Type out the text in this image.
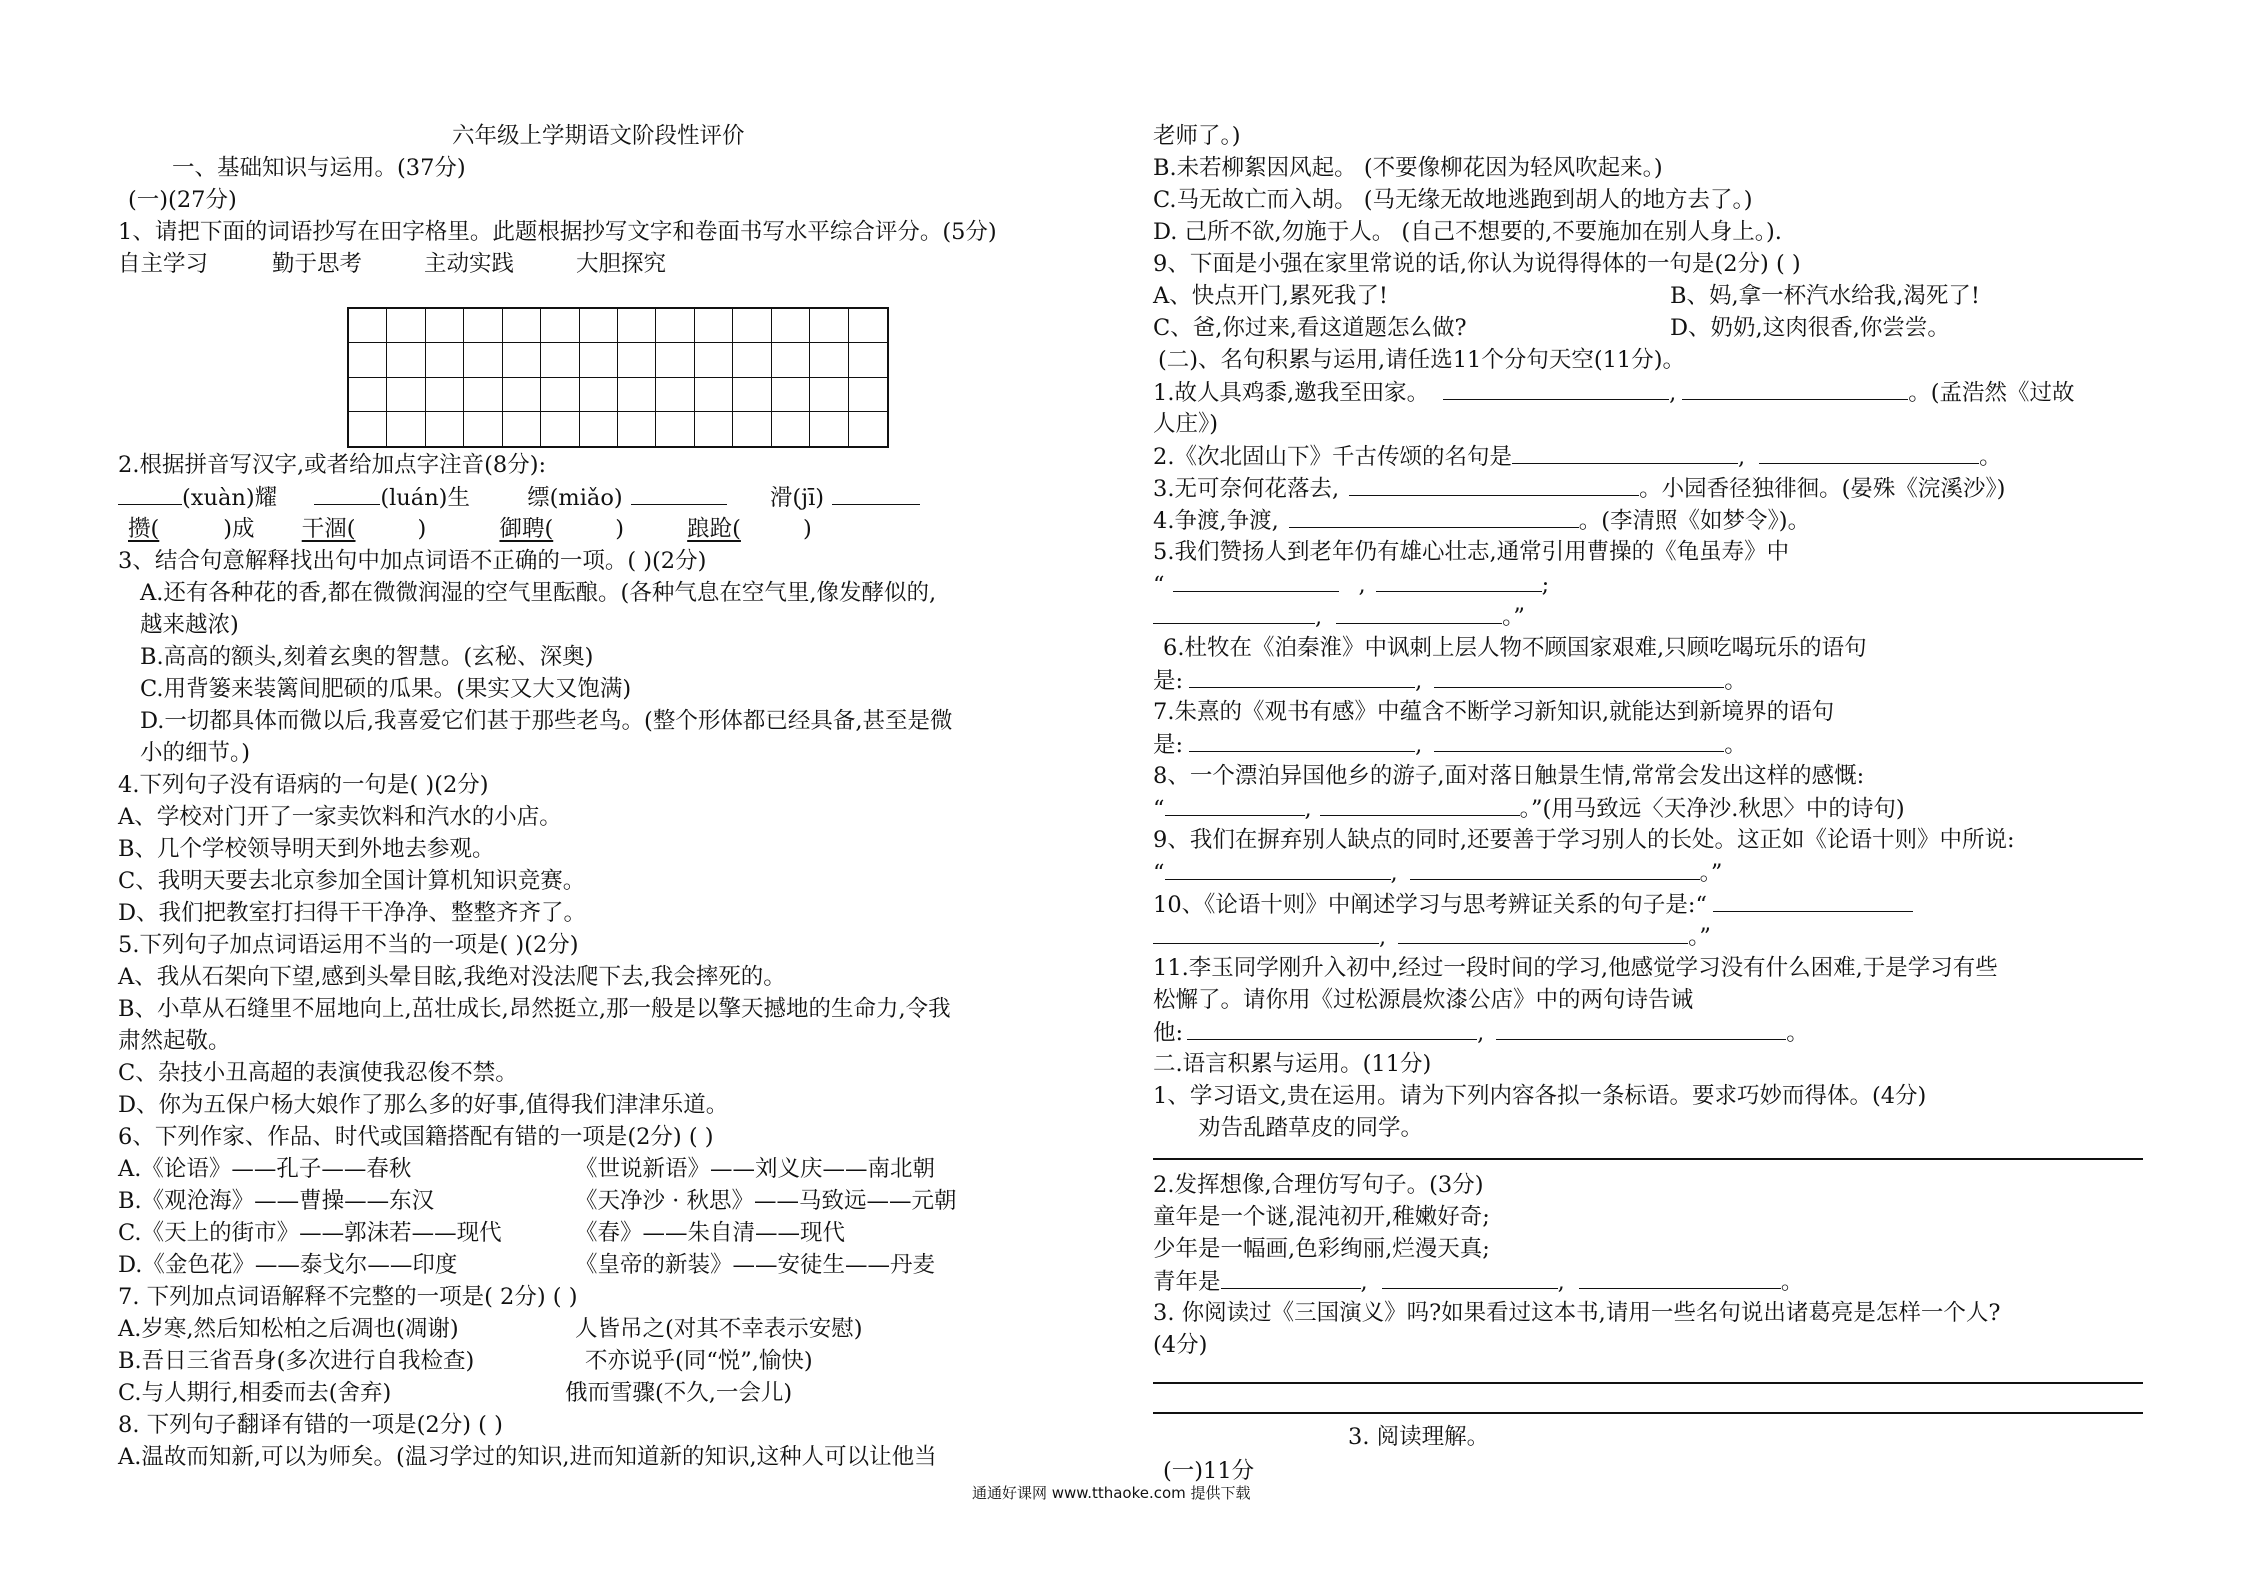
六年级上学期语文阶段性评价
一、基础知识与运用。(37分)
(一)(27分)
1、请把下面的词语抄写在田字格里。此题根据抄写文字和卷面书写水平综合评分。(5分)
自主学习	勤于思考	主动实践	大胆探究
2.根据拼音写汉字,或者给加点字注音(8分):
(xuàn)耀	(luán)生	缥(miǎo)	滑(jī)
攒(	)成 干涸(	)	御聘(	)	踉跄(	)
3、结合句意解释找出句中加点词语不正确的一项。( )(2分)
A.还有各种花的香,都在微微润湿的空气里酝酿。(各种气息在空气里,像发酵似的,
越来越浓)
B.高高的额头,刻着玄奥的智慧。(玄秘、深奥)
C.用背篓来装篱间肥硕的瓜果。(果实又大又饱满)
D.一切都具体而微以后,我喜爱它们甚于那些老鸟。(整个形体都已经具备,甚至是微
小的细节。)
4.下列句子没有语病的一句是( )(2分)
A、学校对门开了一家卖饮料和汽水的小店。
B、几个学校领导明天到外地去参观。
C、我明天要去北京参加全国计算机知识竞赛。
D、我们把教室打扫得干干净净、整整齐齐了。
5.下列句子加点词语运用不当的一项是( )(2分)
A、我从石架向下望,感到头晕目眩,我绝对没法爬下去,我会摔死的。
B、小草从石缝里不屈地向上,茁壮成长,昂然挺立,那一般是以擎天撼地的生命力,令我
肃然起敬。
C、杂技小丑高超的表演使我忍俊不禁。
D、你为五保户杨大娘作了那么多的好事,值得我们津津乐道。
6、下列作家、作品、时代或国籍搭配有错的一项是(2分) ( )
A.《论语》——孔子——春秋	《世说新语》——刘义庆——南北朝
B.《观沧海》——曹操——东汉	《天净沙 · 秋思》——马致远——元朝
C.《天上的街市》——郭沫若——现代	《春》——朱自清——现代
D.《金色花》——泰戈尔——印度	《皇帝的新装》——安徒生——丹麦
7. 下列加点词语解释不完整的一项是( 2分) ( )
A.岁寒,然后知松柏之后凋也(凋谢)	人皆吊之(对其不幸表示安慰)
B.吾日三省吾身(多次进行自我检查)	不亦说乎(同“悦”,愉快)
C.与人期行,相委而去(舍弃)	俄而雪骤(不久,一会儿)
8. 下列句子翻译有错的一项是(2分) ( )
A.温故而知新,可以为师矣。(温习学过的知识,进而知道新的知识,这种人可以让他当
老师了。)
B.未若柳絮因风起。 (不要像柳花因为轻风吹起来。)
C.马无故亡而入胡。 (马无缘无故地逃跑到胡人的地方去了。)
D. 己所不欲,勿施于人。 (自己不想要的,不要施加在别人身上。).
9、下面是小强在家里常说的话,你认为说得得体的一句是(2分) ( )
A、快点开门,累死我了!	B、妈,拿一杯汽水给我,渴死了!
C、爸,你过来,看这道题怎么做?	D、奶奶,这肉很香,你尝尝。
(二)、名句积累与运用,请任选11个分句天空(11分)。
1.故人具鸡黍,邀我至田家。	,	。(孟浩然《过故
人庄》)
2.《次北固山下》千古传颂的名句是	,	。
3.无可奈何花落去,	。小园香径独徘徊。(晏殊《浣溪沙》)
4.争渡,争渡,	。(李清照《如梦令》)。
5.我们赞扬人到老年仍有雄心壮志,通常引用曹操的《龟虽寿》中
“	,	;
,	。”
6.杜牧在《泊秦淮》中讽刺上层人物不顾国家艰难,只顾吃喝玩乐的语句
是:	,	。
7.朱熹的《观书有感》中蕴含不断学习新知识,就能达到新境界的语句
是:	,	。
8、一个漂泊异国他乡的游子,面对落日触景生情,常常会发出这样的感慨:
“	,	。”(用马致远〈天净沙.秋思〉中的诗句)
9、我们在摒弃别人缺点的同时,还要善于学习别人的长处。这正如《论语十则》中所说:
“	,	。”
10、《论语十则》中阐述学习与思考辨证关系的句子是:“
,	。”
11.李玉同学刚升入初中,经过一段时间的学习,他感觉学习没有什么困难,于是学习有些
松懈了。请你用《过松源晨炊漆公店》中的两句诗告诫
他:	,	。
二.语言积累与运用。(11分)
1、学习语文,贵在运用。请为下列内容各拟一条标语。要求巧妙而得体。(4分)
劝告乱踏草皮的同学。
2.发挥想像,合理仿写句子。(3分)
童年是一个谜,混沌初开,稚嫩好奇;
少年是一幅画,色彩绚丽,烂漫天真;
青年是	,	,	。
3. 你阅读过《三国演义》吗?如果看过这本书,请用一些名句说出诸葛亮是怎样一个人?
(4分)
3. 阅读理解。
(一)11分
通通好课网 www.tthaoke.com 提供下载
